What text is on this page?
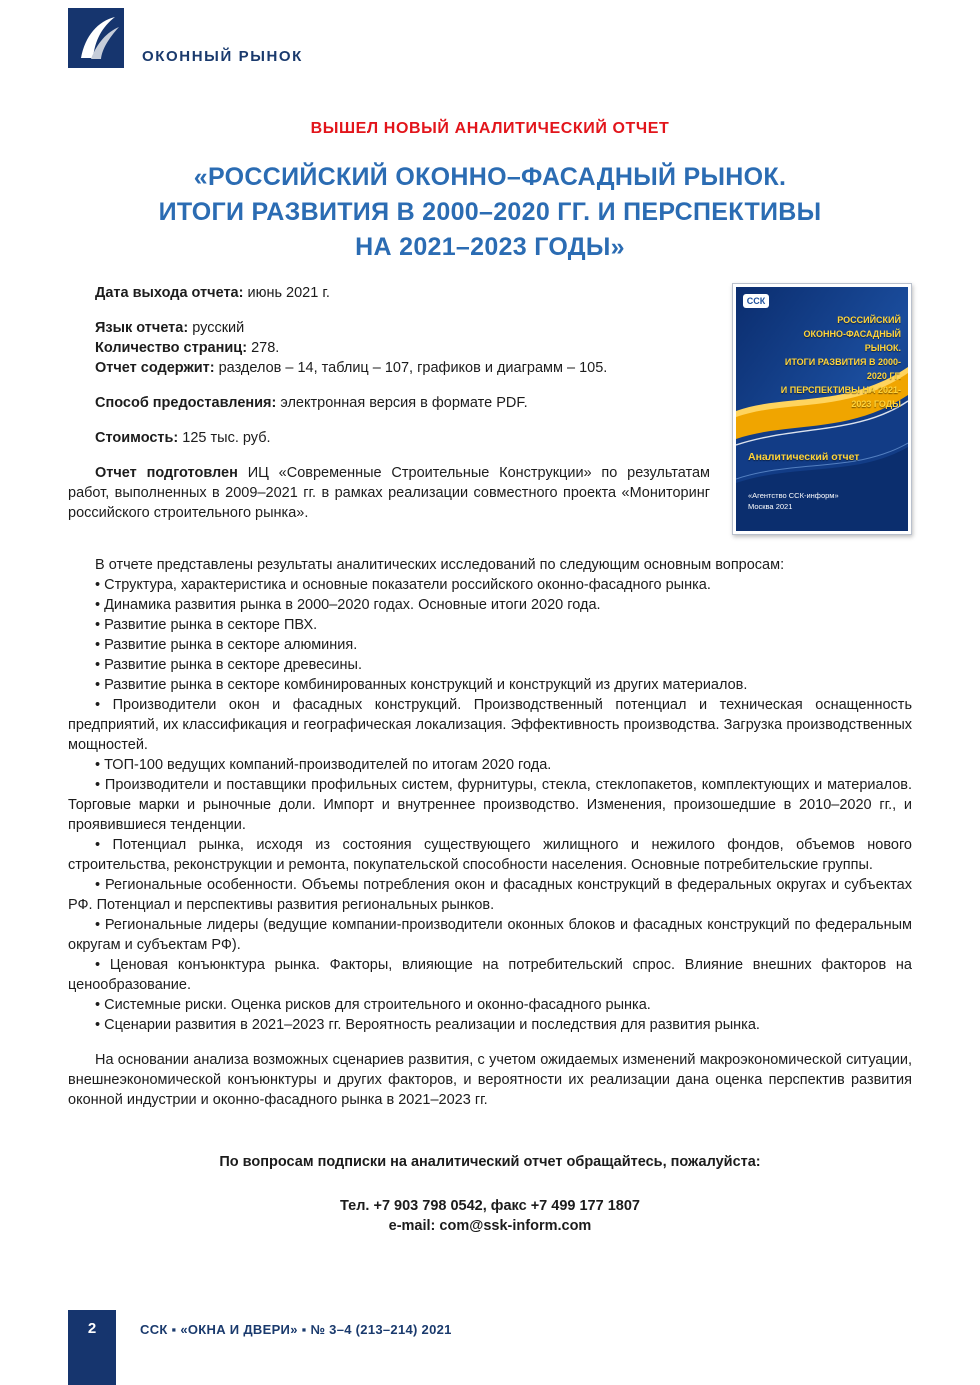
ОКОННЫЙ РЫНОК
ВЫШЕЛ НОВЫЙ АНАЛИТИЧЕСКИЙ ОТЧЕТ
«РОССИЙСКИЙ ОКОННО–ФАСАДНЫЙ РЫНОК.
ИТОГИ РАЗВИТИЯ В 2000–2020 ГГ. И ПЕРСПЕКТИВЫ
НА 2021–2023 ГОДЫ»

Дата выхода отчета: июнь 2021 г.

Язык отчета: русский
Количество страниц: 278.
Отчет содержит: разделов – 14, таблиц – 107, графиков и диаграмм – 105.

Способ предоставления: электронная версия в формате PDF.

Стоимость: 125 тыс. руб.

Отчет подготовлен ИЦ «Современные Строительные Конструкции» по результатам работ, выполненных в 2009–2021 гг. в рамках реализации совместного проекта «Мониторинг российского строительного рынка».

ССК
РОССИЙСКИЙ
ОКОННО-ФАСАДНЫЙ РЫНОК.
ИТОГИ РАЗВИТИЯ В 2000-2020 ГГ.
И ПЕРСПЕКТИВЫ НА 2021-2023 ГОДЫ
Аналитический отчет
«Агентство ССК-информ»
Москва 2021

В отчете представлены результаты аналитических исследований по следующим основным вопросам:

• Структура, характеристика и основные показатели российского оконно-фасадного рынка.

• Динамика развития рынка в 2000–2020 годах. Основные итоги 2020 года.

• Развитие рынка в секторе ПВХ.

• Развитие рынка в секторе алюминия.

• Развитие рынка в секторе древесины.

• Развитие рынка в секторе комбинированных конструкций и конструкций из других материалов.

• Производители окон и фасадных конструкций. Производственный потенциал и техническая оснащенность предприятий, их классификация и географическая локализация. Эффективность производства. Загрузка производственных мощностей.

• ТОП-100 ведущих компаний-производителей по итогам 2020 года.

• Производители и поставщики профильных систем, фурнитуры, стекла, стеклопакетов, комплектующих и материалов. Торговые марки и рыночные доли. Импорт и внутреннее производство. Изменения, произошедшие в 2010–2020 гг., и проявившиеся тенденции.

• Потенциал рынка, исходя из состояния существующего жилищного и нежилого фондов, объемов нового строительства, реконструкции и ремонта, покупательской способности населения. Основные потребительские группы.

• Региональные особенности. Объемы потребления окон и фасадных конструкций в федеральных округах и субъектах РФ. Потенциал и перспективы развития региональных рынков.

• Региональные лидеры (ведущие компании-производители оконных блоков и фасадных конструкций по федеральным округам и субъектам РФ).

• Ценовая конъюнктура рынка. Факторы, влияющие на потребительский спрос. Влияние внешних факторов на ценообразование.

• Системные риски. Оценка рисков для строительного и оконно-фасадного рынка.

• Сценарии развития в 2021–2023 гг. Вероятность реализации и последствия для развития рынка.

На основании анализа возможных сценариев развития, с учетом ожидаемых изменений макроэкономической ситуации, внешнеэкономической конъюнктуры и других факторов, и вероятности их реализации дана оценка перспектив развития оконной индустрии и оконно-фасадного рынка в 2021–2023 гг.

По вопросам подписки на аналитический отчет обращайтесь, пожалуйста:
Тел. +7 903 798 0542, факс +7 499 177 1807
e-mail: com@ssk-inform.com
2	ССК ▪ «ОКНА И ДВЕРИ» ▪ № 3–4 (213–214) 2021
